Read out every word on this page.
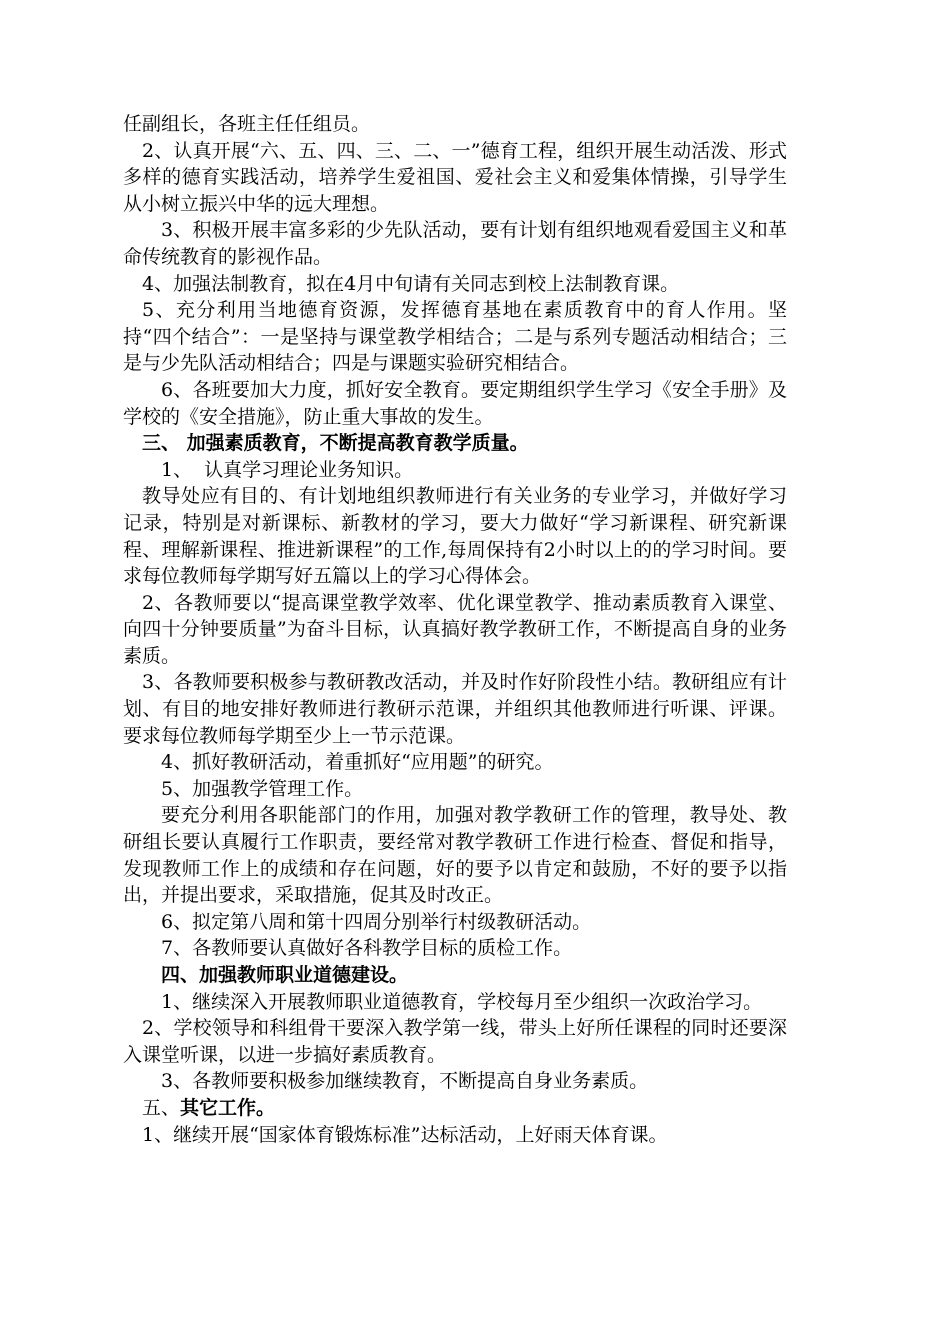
任副组长，各班主任任组员。

2、认真开展“六、五、四、三、二、一”德育工程，组织开展生动活泼、形式多样的德育实践活动，培养学生爱祖国、爱社会主义和爱集体情操，引导学生从小树立振兴中华的远大理想。

3、积极开展丰富多彩的少先队活动，要有计划有组织地观看爱国主义和革命传统教育的影视作品。

4、加强法制教育，拟在4月中旬请有关同志到校上法制教育课。

5、充分利用当地德育资源，发挥德育基地在素质教育中的育人作用。坚持“四个结合”：一是坚持与课堂教学相结合；二是与系列专题活动相结合；三是与少先队活动相结合；四是与课题实验研究相结合。

6、各班要加大力度，抓好安全教育。要定期组织学生学习《安全手册》及学校的《安全措施》，防止重大事故的发生。

三、 加强素质教育，不断提高教育教学质量。

1、  认真学习理论业务知识。

教导处应有目的、有计划地组织教师进行有关业务的专业学习，并做好学习记录，特别是对新课标、新教材的学习，要大力做好“学习新课程、研究新课程、理解新课程、推进新课程”的工作,每周保持有2小时以上的的学习时间。要求每位教师每学期写好五篇以上的学习心得体会。

2、各教师要以“提高课堂教学效率、优化课堂教学、推动素质教育入课堂、向四十分钟要质量”为奋斗目标，认真搞好教学教研工作，不断提高自身的业务素质。

3、各教师要积极参与教研教改活动，并及时作好阶段性小结。教研组应有计划、有目的地安排好教师进行教研示范课，并组织其他教师进行听课、评课。要求每位教师每学期至少上一节示范课。

4、抓好教研活动，着重抓好“应用题”的研究。

5、加强教学管理工作。

要充分利用各职能部门的作用，加强对教学教研工作的管理，教导处、教研组长要认真履行工作职责，要经常对教学教研工作进行检查、督促和指导，发现教师工作上的成绩和存在问题，好的要予以肯定和鼓励，不好的要予以指出，并提出要求，采取措施，促其及时改正。

6、拟定第八周和第十四周分别举行村级教研活动。

7、各教师要认真做好各科教学目标的质检工作。

四、加强教师职业道德建设。

1、继续深入开展教师职业道德教育，学校每月至少组织一次政治学习。

2、学校领导和科组骨干要深入教学第一线，带头上好所任课程的同时还要深入课堂听课，以进一步搞好素质教育。

3、各教师要积极参加继续教育，不断提高自身业务素质。

五、其它工作。

1、继续开展“国家体育锻炼标准”达标活动，上好雨天体育课。
